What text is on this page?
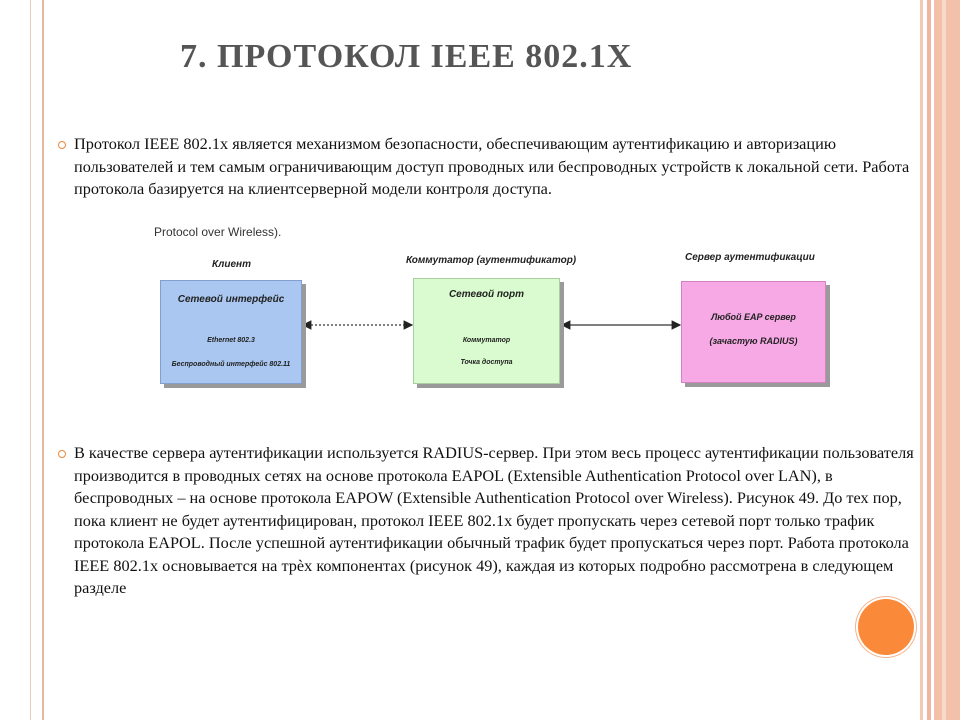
7. ПРОТОКОЛ IEEE 802.1X
Протокол IEEE 802.1x является механизмом безопасности, обеспечивающим аутентификацию и авторизацию пользователей и тем самым ограничивающим доступ проводных или беспроводных устройств к локальной сети. Работа протокола базируется на клиентсерверной модели контроля доступа.
Protocol over Wireless).
Клиент	Коммутатор (аутентификатор)	Сервер аутентификации
Сетевой интерфейс
Ethernet 802.3
Беспроводный интерфейс 802.11
Сетевой порт
Коммутатор
Точка доступа
Любой EAP сервер
(зачастую RADIUS)
В качестве сервера аутентификации используется RADIUS-сервер. При этом весь процесс аутентификации пользователя производится в проводных сетях на основе протокола EAPOL (Extensible Authentication Protocol over LAN), в беспроводных – на основе протокола EAPOW (Extensible Authentication Protocol over Wireless). Рисунок 49. До тех пор, пока клиент не будет аутентифицирован, протокол IEEE 802.1x будет пропускать через сетевой порт только трафик протокола EAPOL. После успешной аутентификации обычный трафик будет пропускаться через порт. Работа протокола IEEE 802.1x основывается на трѐх компонентах (рисунок 49), каждая из которых подробно рассмотрена в следующем разделе
